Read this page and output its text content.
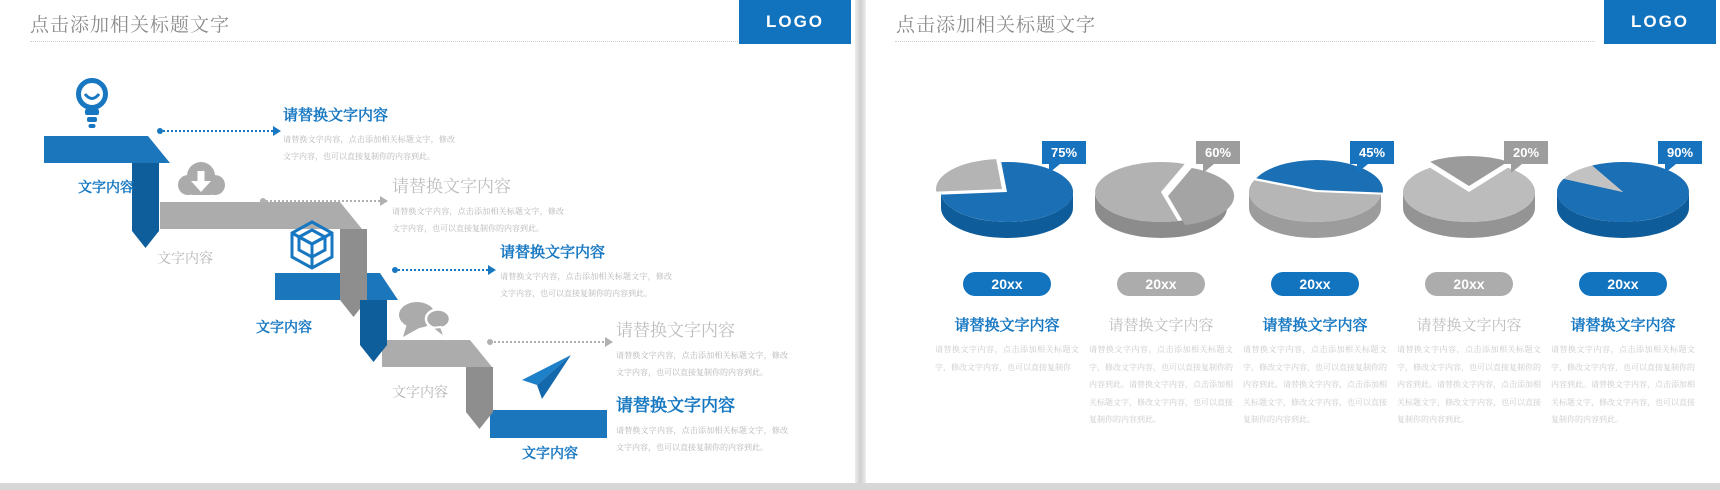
点击添加相关标题文字	LOGO
文字内容
文字内容
文字内容
文字内容
文字内容
请替换文字内容

请替换文字内容，点击添加相关标题文字，修改文字内容，也可以直接复制你的内容到此。

请替换文字内容

请替换文字内容，点击添加相关标题文字，修改文字内容，也可以直接复制你的内容到此。

请替换文字内容

请替换文字内容，点击添加相关标题文字，修改文字内容，也可以直接复制你的内容到此。

请替换文字内容

请替换文字内容，点击添加相关标题文字，修改文字内容，也可以直接复制你的内容到此。

请替换文字内容

请替换文字内容，点击添加相关标题文字，修改文字内容，也可以直接复制你的内容到此。

点击添加相关标题文字	LOGO
75%
20xx
请替换文字内容
请替换文字内容，点击添加相关标题文字，修改文字内容，也可以直接复制你
60%
20xx
请替换文字内容
请替换文字内容，点击添加相关标题文字，修改文字内容，也可以直接复制你的内容到此。请替换文字内容，点击添加相关标题文字，修改文字内容，也可以直接复制你的内容到此。
45%
20xx
请替换文字内容
请替换文字内容，点击添加相关标题文字，修改文字内容，也可以直接复制你的内容到此。请替换文字内容，点击添加相关标题文字，修改文字内容，也可以直接复制你的内容到此。
20%
20xx
请替换文字内容
请替换文字内容，点击添加相关标题文字，修改文字内容，也可以直接复制你的内容到此。请替换文字内容，点击添加相关标题文字，修改文字内容，也可以直接复制你的内容到此。
90%
20xx
请替换文字内容
请替换文字内容，点击添加相关标题文字，修改文字内容，也可以直接复制你的内容到此。请替换文字内容，点击添加相关标题文字，修改文字内容，也可以直接复制你的内容到此。
